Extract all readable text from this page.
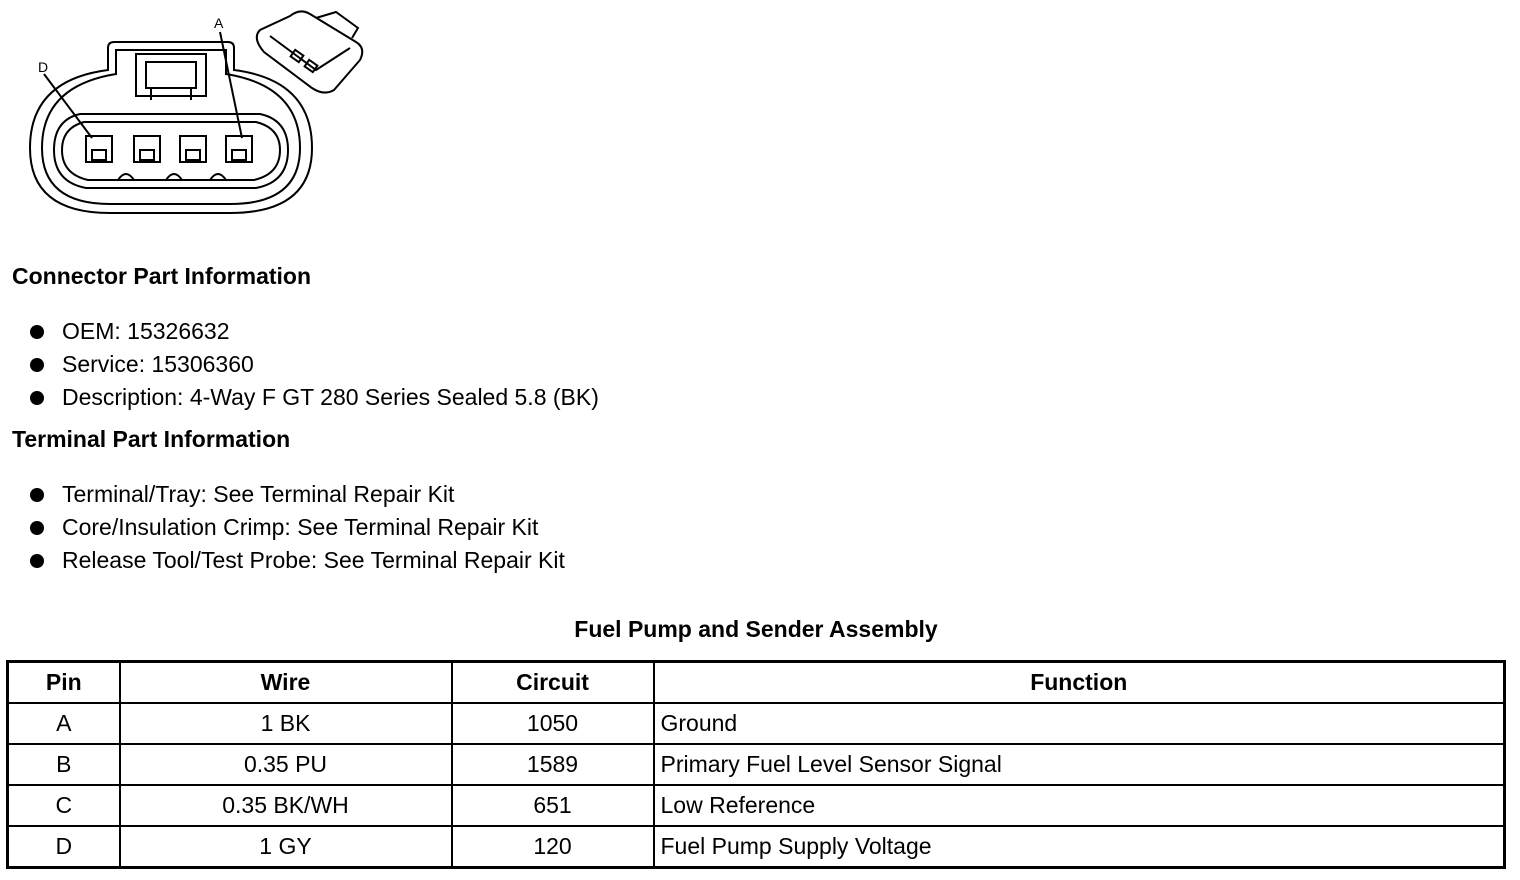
A
D
Connector Part Information
OEM: 15326632
Service: 15306360
Description: 4-Way F GT 280 Series Sealed 5.8 (BK)
Terminal Part Information
Terminal/Tray: See Terminal Repair Kit
Core/Insulation Crimp: See Terminal Repair Kit
Release Tool/Test Probe: See Terminal Repair Kit
Fuel Pump and Sender Assembly
Pin	Wire	Circuit	Function
A	1 BK	1050	Ground
B	0.35 PU	1589	Primary Fuel Level Sensor Signal
C	0.35 BK/WH	651	Low Reference
D	1 GY	120	Fuel Pump Supply Voltage
